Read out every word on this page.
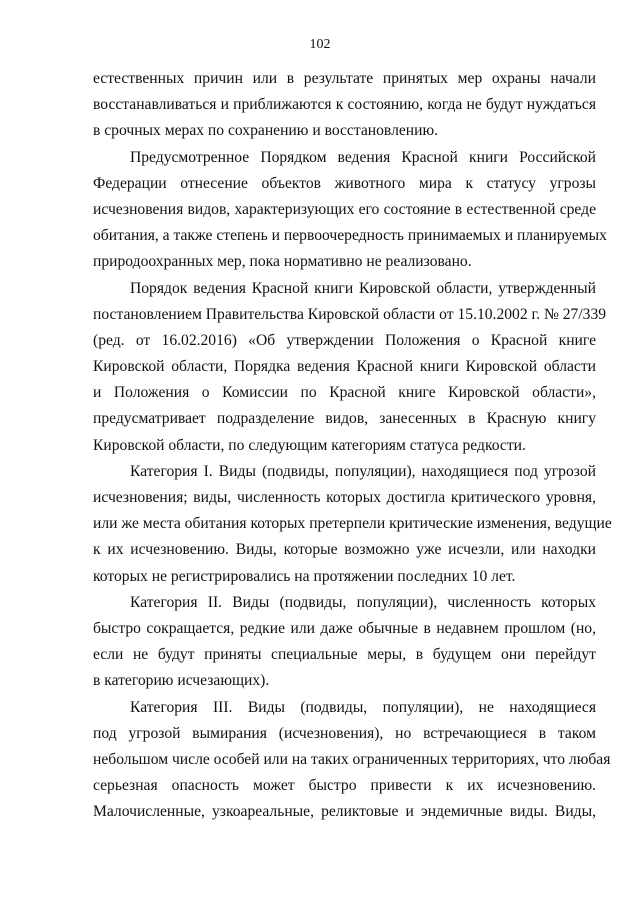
102
естественных причин или в результате принятых мер охраны начали
восстанавливаться и приближаются к состоянию, когда не будут нуждаться
в срочных мерах по сохранению и восстановлению.
Предусмотренное Порядком ведения Красной книги Российской
Федерации отнесение объектов животного мира к статусу угрозы
исчезновения видов, характеризующих его состояние в естественной среде
обитания, а также степень и первоочередность принимаемых и планируемых
природоохранных мер, пока нормативно не реализовано.
Порядок ведения Красной книги Кировской области, утвержденный
постановлением Правительства Кировской области от 15.10.2002 г. № 27/339
(ред. от 16.02.2016) «Об утверждении Положения о Красной книге
Кировской области, Порядка ведения Красной книги Кировской области
и Положения о Комиссии по Красной книге Кировской области»,
предусматривает подразделение видов, занесенных в Красную книгу
Кировской области, по следующим категориям статуса редкости.
Категория I. Виды (подвиды, популяции), находящиеся под угрозой
исчезновения; виды, численность которых достигла критического уровня,
или же места обитания которых претерпели критические изменения, ведущие
к их исчезновению. Виды, которые возможно уже исчезли, или находки
которых не регистрировались на протяжении последних 10 лет.
Категория II. Виды (подвиды, популяции), численность которых
быстро сокращается, редкие или даже обычные в недавнем прошлом (но,
если не будут приняты специальные меры, в будущем они перейдут
в категорию исчезающих).
Категория III. Виды (подвиды, популяции), не находящиеся
под угрозой вымирания (исчезновения), но встречающиеся в таком
небольшом числе особей или на таких ограниченных территориях, что любая
серьезная опасность может быстро привести к их исчезновению.
Малочисленные, узкоареальные, реликтовые и эндемичные виды. Виды,
